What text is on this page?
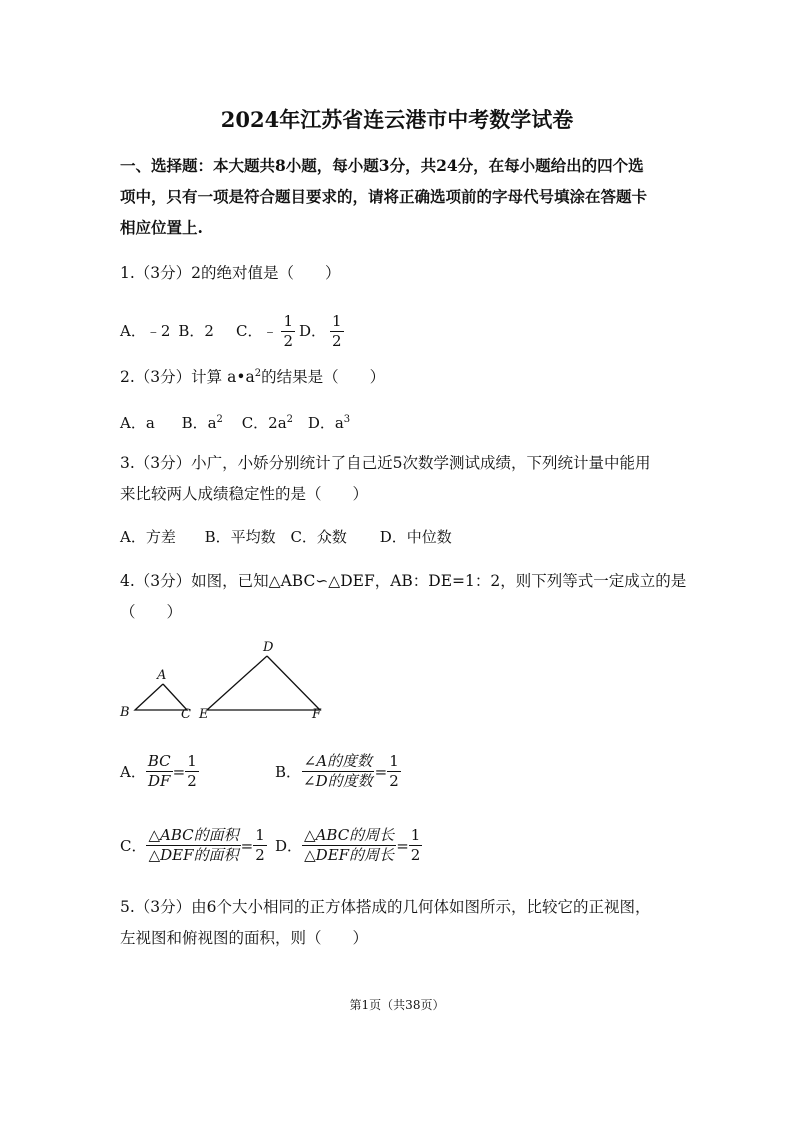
2024年江苏省连云港市中考数学试卷
一、选择题：本大题共8小题，每小题3分，共24分，在每小题给出的四个选
项中，只有一项是符合题目要求的，请将正确选项前的字母代号填涂在答题卡
相应位置上.
1.（3分）2的绝对值是（　　）
A．﹣2 B．2 C．﹣ $\frac{1}{2}$ D． $\frac{1}{2}$
2.（3分）计算 $a•a^2$的结果是（　　）
A．a B．$a^2$ C．$2a^2$ D．$a^3$
3.（3分）小广，小娇分别统计了自己近5次数学测试成绩，下列统计量中能用
来比较两人成绩稳定性的是（　　）
A．方差 B．平均数 C．众数 D．中位数
4.（3分）如图，已知△ABC∽△DEF，AB：DE=1：2，则下列等式一定成立的是
（　　）
A
B	C
D
E	F
A． $\frac{BC}{DF} = \frac{1}{2}$	B． $\frac{\text{∠A的度数}}{\text{∠D的度数}} = \frac{1}{2}$
C． $\frac{\text{△ABC的面积}}{\text{△DEF的面积}} = \frac{1}{2}$ D． $\frac{\text{△ABC的周长}}{\text{△DEF的周长}} = \frac{1}{2}$
5.（3分）由6个大小相同的正方体搭成的几何体如图所示，比较它的正视图，
左视图和俯视图的面积，则（　　）
第1页（共38页）
